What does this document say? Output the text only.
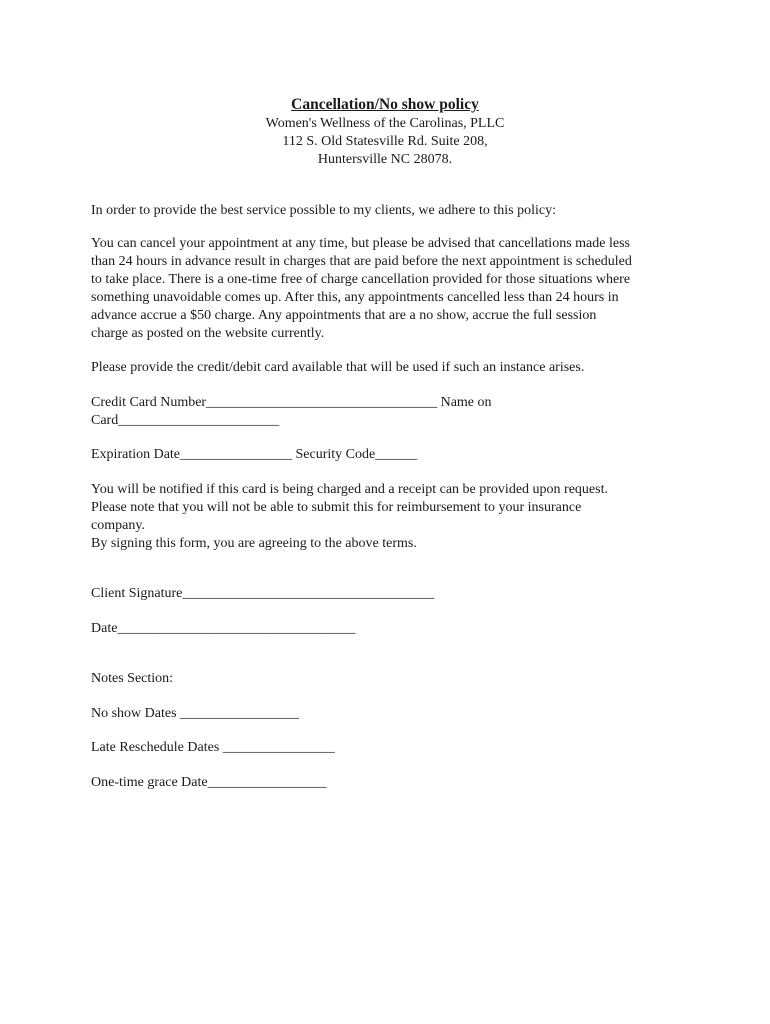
Cancellation/No show policy
Women's Wellness of the Carolinas, PLLC
112 S. Old Statesville Rd. Suite 208,
Huntersville NC 28078.

In order to provide the best service possible to my clients, we adhere to this policy:

You can cancel your appointment at any time, but please be advised that cancellations made less
than 24 hours in advance result in charges that are paid before the next appointment is scheduled
to take place. There is a one-time free of charge cancellation provided for those situations where
something unavoidable comes up. After this, any appointments cancelled less than 24 hours in
advance accrue a $50 charge. Any appointments that are a no show, accrue the full session
charge as posted on the website currently.
Please provide the credit/debit card available that will be used if such an instance arises.
Credit Card Number_________________________________ Name on
Card_______________________
Expiration Date________________ Security Code______
You will be notified if this card is being charged and a receipt can be provided upon request.
Please note that you will not be able to submit this for reimbursement to your insurance
company.
By signing this form, you are agreeing to the above terms.
Client Signature____________________________________
Date__________________________________
Notes Section:
No show Dates _________________
Late Reschedule Dates ________________
One-time grace Date_________________
